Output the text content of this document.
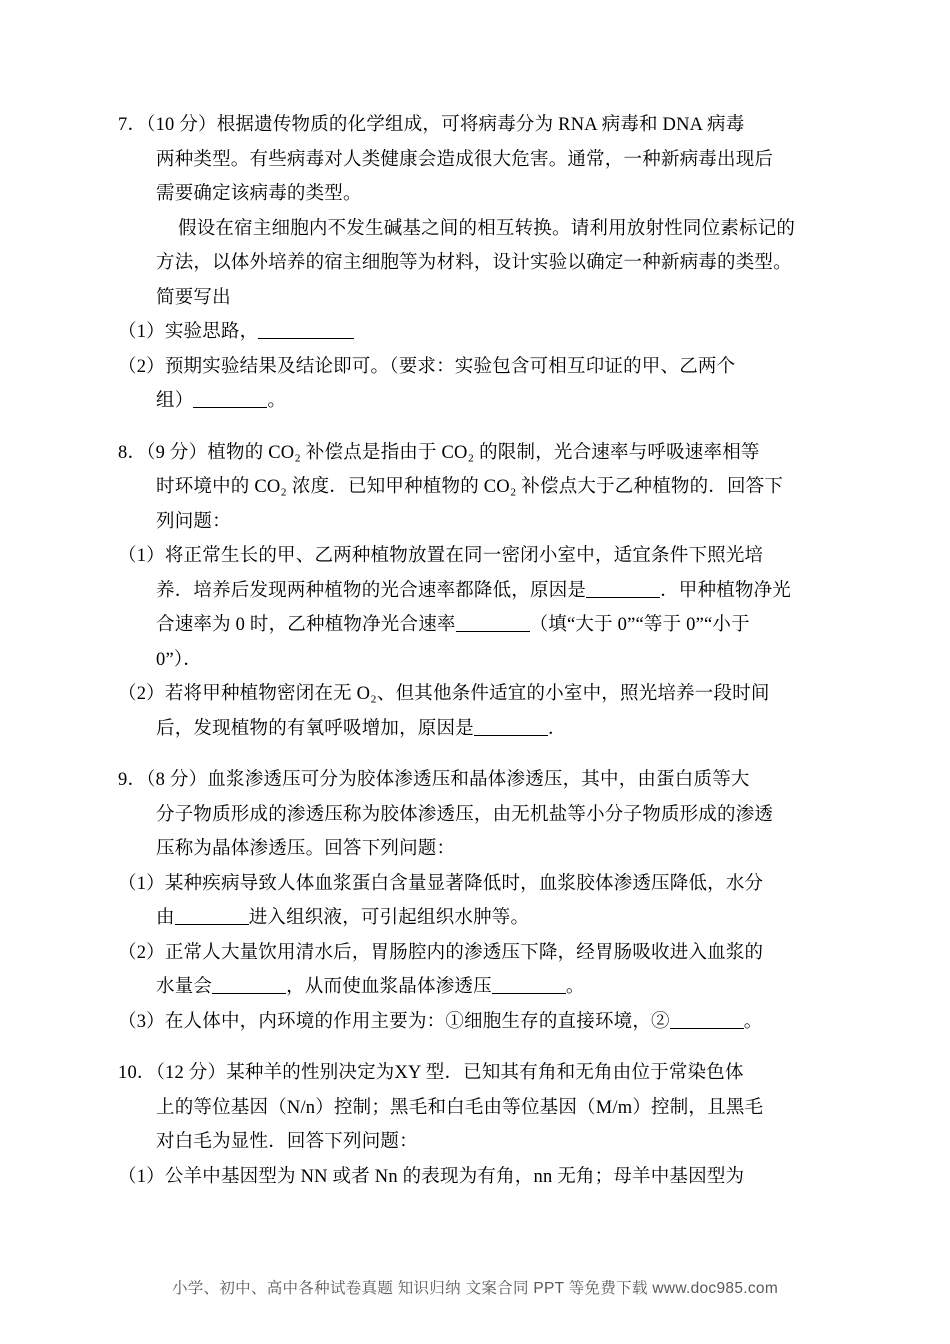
7．（10 分）根据遗传物质的化学组成，可将病毒分为 RNA 病毒和 DNA 病毒
两种类型。有些病毒对人类健康会造成很大危害。通常，一种新病毒出现后
需要确定该病毒的类型。
假设在宿主细胞内不发生碱基之间的相互转换。请利用放射性同位素标记的
方法，以体外培养的宿主细胞等为材料，设计实验以确定一种新病毒的类型。
简要写出
（1）实验思路，
（2）预期实验结果及结论即可。（要求：实验包含可相互印证的甲、乙两个
组）	。
8．（9 分）植物的 CO₂ 补偿点是指由于 CO₂ 的限制，光合速率与呼吸速率相等
时环境中的 CO₂ 浓度．已知甲种植物的 CO₂ 补偿点大于乙种植物的．回答下
列问题：
（1）将正常生长的甲、乙两种植物放置在同一密闭小室中，适宜条件下照光培
养．培养后发现两种植物的光合速率都降低，原因是	．甲种植物净光
合速率为 0 时，乙种植物净光合速率	（填“大于 0”“等于 0”“小于
0”）．
（2）若将甲种植物密闭在无 O₂、但其他条件适宜的小室中，照光培养一段时间
后，发现植物的有氧呼吸增加，原因是	．
9．（8 分）血浆渗透压可分为胶体渗透压和晶体渗透压，其中，由蛋白质等大
分子物质形成的渗透压称为胶体渗透压，由无机盐等小分子物质形成的渗透
压称为晶体渗透压。回答下列问题：
（1）某种疾病导致人体血浆蛋白含量显著降低时，血浆胶体渗透压降低，水分
由	进入组织液，可引起组织水肿等。
（2）正常人大量饮用清水后，胃肠腔内的渗透压下降，经胃肠吸收进入血浆的
水量会	，从而使血浆晶体渗透压	。
（3）在人体中，内环境的作用主要为：①细胞生存的直接环境，②	。
10．（12 分）某种羊的性别决定为XY 型．已知其有角和无角由位于常染色体
上的等位基因（N/n）控制；黑毛和白毛由等位基因（M/m）控制，且黑毛
对白毛为显性．回答下列问题：
（1）公羊中基因型为 NN 或者 Nn 的表现为有角，nn 无角；母羊中基因型为
小学、初中、高中各种试卷真题 知识归纳 文案合同 PPT 等免费下载 www.doc985.com
